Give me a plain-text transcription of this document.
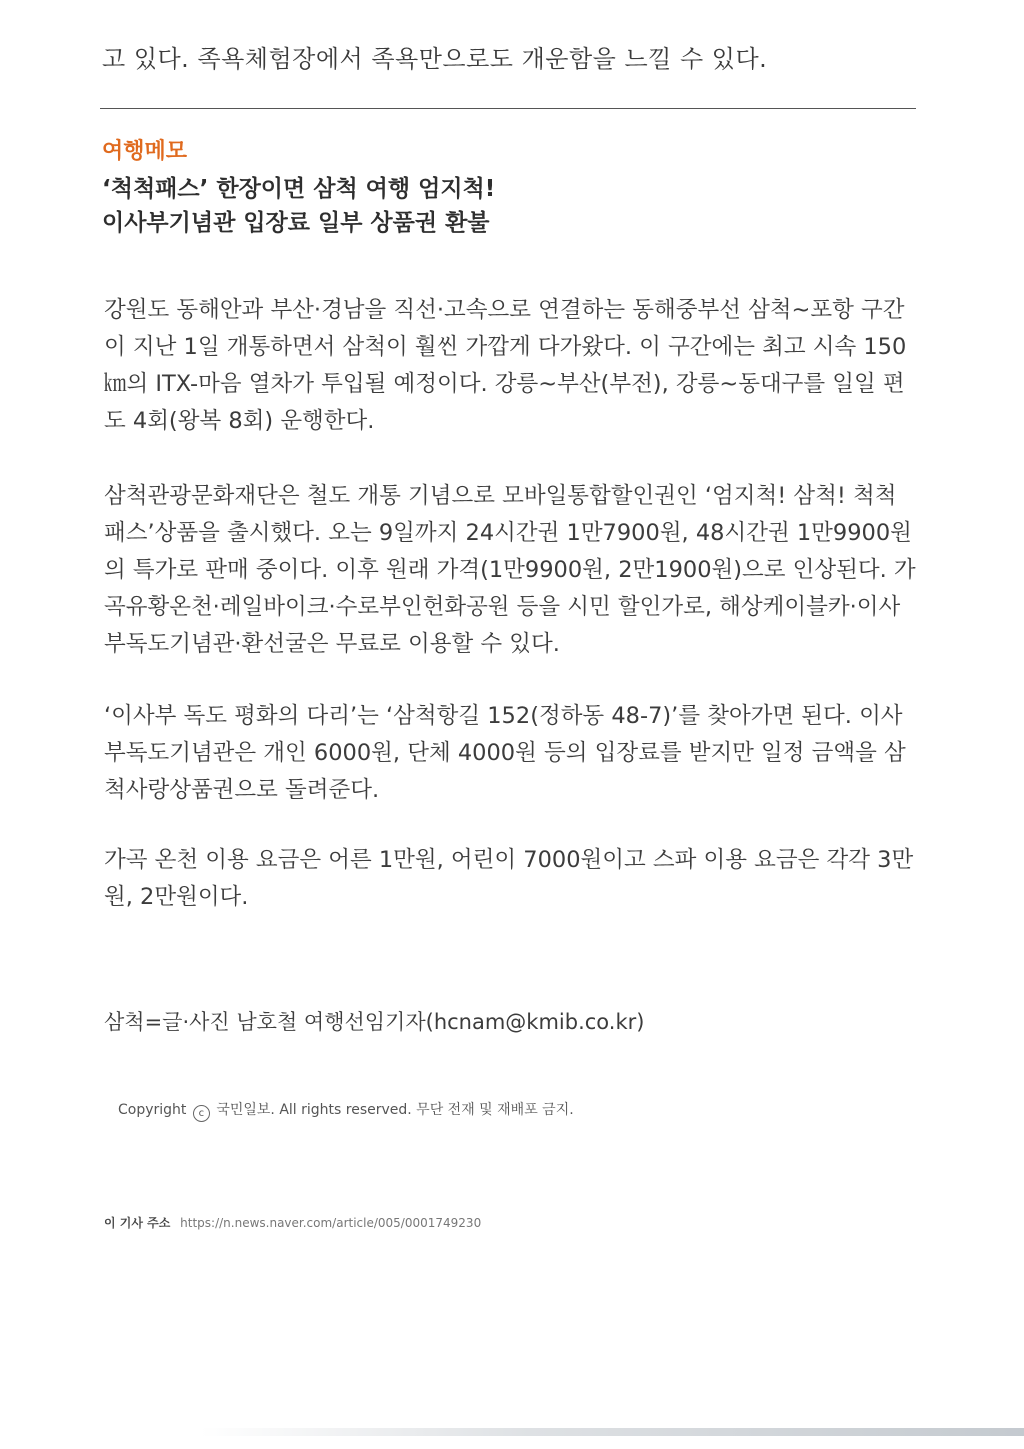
고 있다. 족욕체험장에서 족욕만으로도 개운함을 느낄 수 있다.
여행메모
‘척척패스’ 한장이면 삼척 여행 엄지척!
이사부기념관 입장료 일부 상품권 환불

강원도 동해안과 부산·경남을 직선·고속으로 연결하는 동해중부선 삼척~포항 구간이 지난 1일 개통하면서 삼척이 훨씬 가깝게 다가왔다. 이 구간에는 최고 시속 150㎞의 ITX-마음 열차가 투입될 예정이다. 강릉~부산(부전), 강릉~동대구를 일일 편도 4회(왕복 8회) 운행한다.

삼척관광문화재단은 철도 개통 기념으로 모바일통합할인권인 ‘엄지척! 삼척! 척척패스’상품을 출시했다. 오는 9일까지 24시간권 1만7900원, 48시간권 1만9900원의 특가로 판매 중이다. 이후 원래 가격(1만9900원, 2만1900원)으로 인상된다. 가곡유황온천·레일바이크·수로부인헌화공원 등을 시민 할인가로, 해상케이블카·이사부독도기념관·환선굴은 무료로 이용할 수 있다.

‘이사부 독도 평화의 다리’는 ‘삼척항길 152(정하동 48-7)’를 찾아가면 된다. 이사부독도기념관은 개인 6000원, 단체 4000원 등의 입장료를 받지만 일정 금액을 삼척사랑상품권으로 돌려준다.

가곡 온천 이용 요금은 어른 1만원, 어린이 7000원이고 스파 이용 요금은 각각 3만원, 2만원이다.

삼척=글·사진 남호철 여행선임기자(hcnam@kmib.co.kr)
Copyright c 국민일보. All rights reserved. 무단 전재 및 재배포 금지.
이 기사 주소 https://n.news.naver.com/article/005/0001749230
